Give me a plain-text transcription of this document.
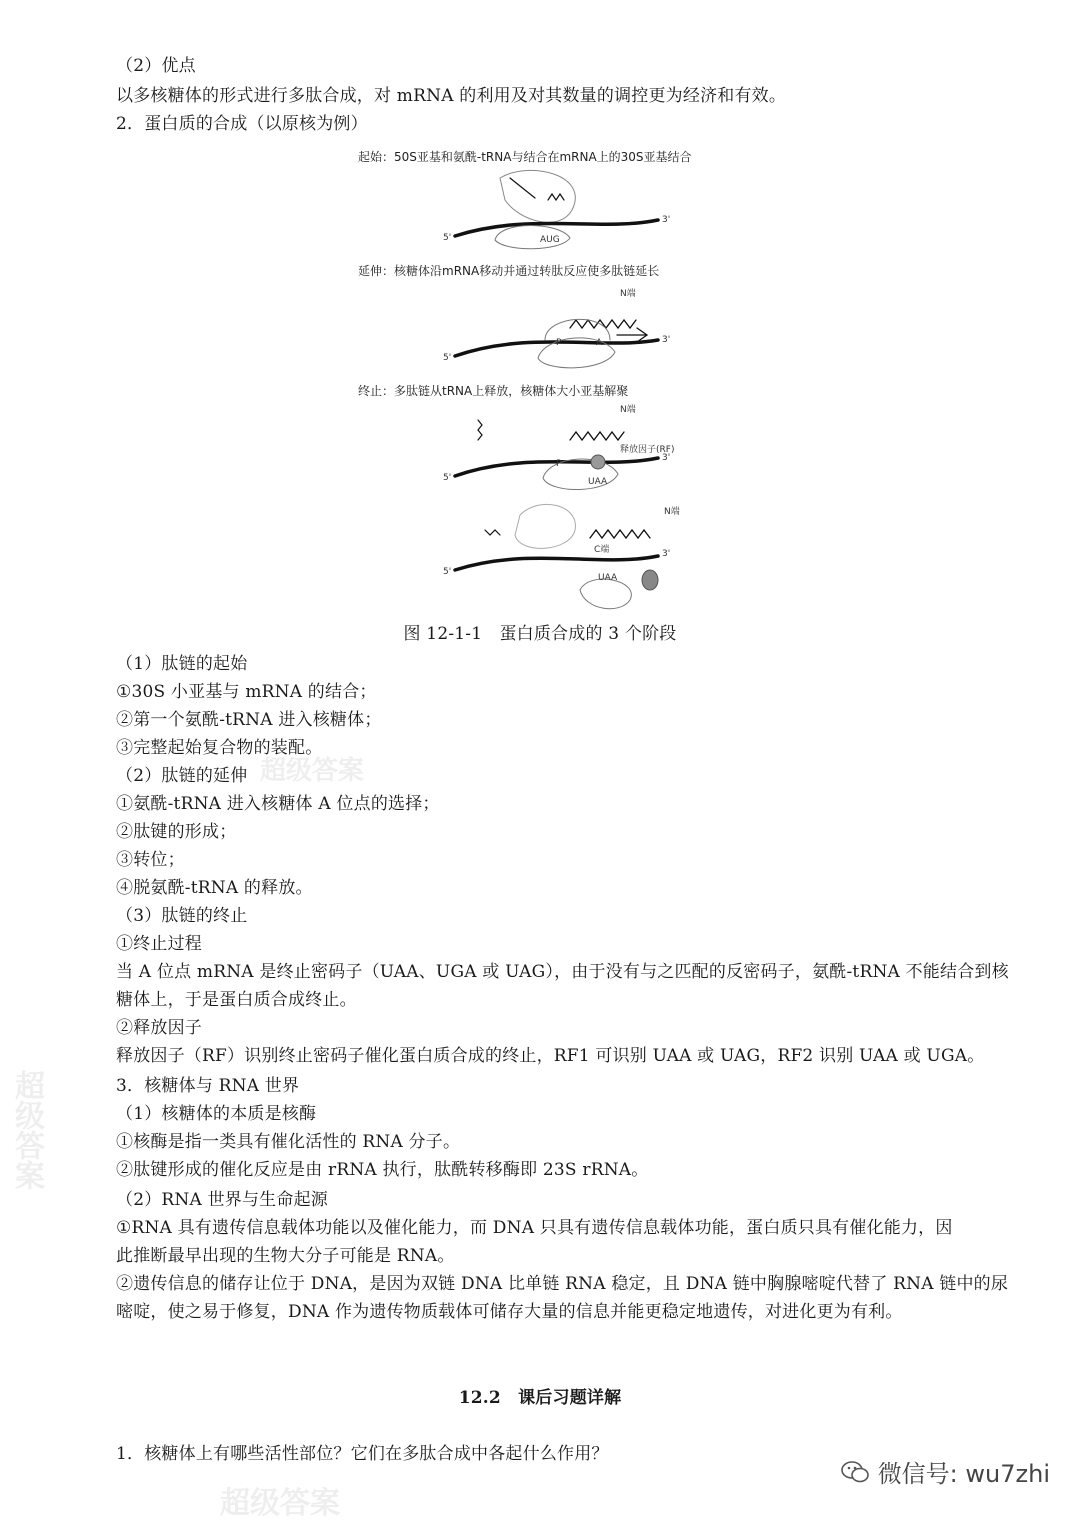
（2）优点
以多核糖体的形式进行多肽合成，对 mRNA 的利用及对其数量的调控更为经济和有效。
2．蛋白质的合成（以原核为例）
起始：50S亚基和氨酰-tRNA与结合在mRNA上的30S亚基结合
延伸：核糖体沿mRNA移动并通过转肽反应使多肽链延长
终止：多肽链从tRNA上释放，核糖体大小亚基解聚
5'
3'
AUG
5'
3'
N端
P	A
5'
3'
N端
释放因子(RF)
UAA
P
5'
3'
N端
C端
UAA
图 12-1-1　蛋白质合成的 3 个阶段
（1）肽链的起始
①30S 小亚基与 mRNA 的结合；
②第一个氨酰-tRNA 进入核糖体；
③完整起始复合物的装配。
（2）肽链的延伸
①氨酰-tRNA 进入核糖体 A 位点的选择；
②肽键的形成；
③转位；
④脱氨酰-tRNA 的释放。
（3）肽链的终止
①终止过程
当 A 位点 mRNA 是终止密码子（UAA、UGA 或 UAG），由于没有与之匹配的反密码子，氨酰-tRNA 不能结合到核
糖体上，于是蛋白质合成终止。
②释放因子
释放因子（RF）识别终止密码子催化蛋白质合成的终止，RF1 可识别 UAA 或 UAG，RF2 识别 UAA 或 UGA。
3．核糖体与 RNA 世界
（1）核糖体的本质是核酶
①核酶是指一类具有催化活性的 RNA 分子。
②肽键形成的催化反应是由 rRNA 执行，肽酰转移酶即 23S rRNA。
（2）RNA 世界与生命起源
①RNA 具有遗传信息载体功能以及催化能力，而 DNA 只具有遗传信息载体功能，蛋白质只具有催化能力，因
此推断最早出现的生物大分子可能是 RNA。
②遗传信息的储存让位于 DNA，是因为双链 DNA 比单链 RNA 稳定，且 DNA 链中胸腺嘧啶代替了 RNA 链中的尿
嘧啶，使之易于修复，DNA 作为遗传物质载体可储存大量的信息并能更稳定地遗传，对进化更为有利。
12.2　课后习题详解
1．核糖体上有哪些活性部位？它们在多肽合成中各起什么作用？
超级答案
超级答案
超级答案
微信号: wu7zhi
